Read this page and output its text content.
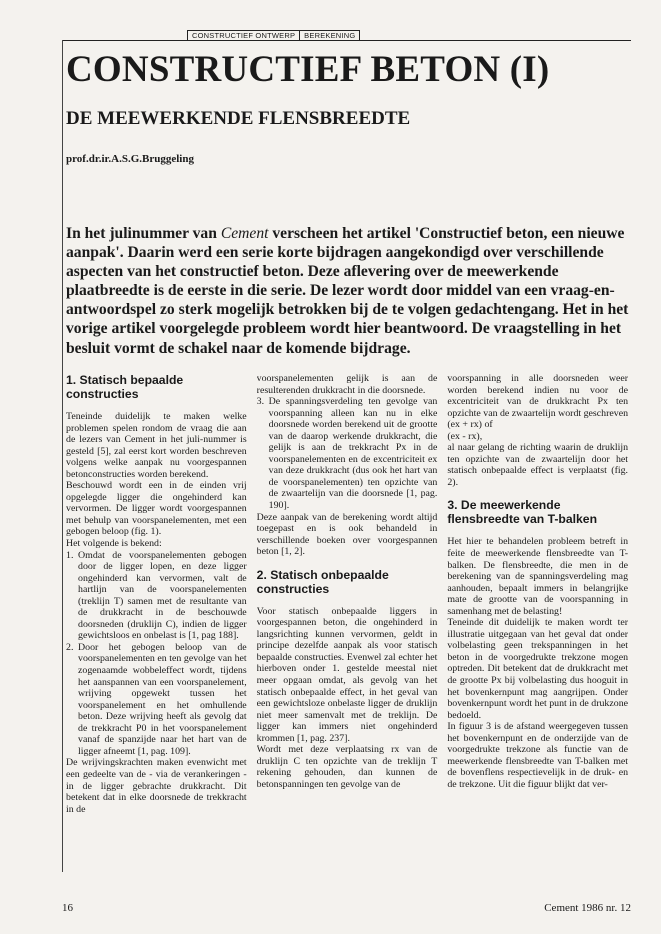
CONSTRUCTIEF ONTWERP	BEREKENING
CONSTRUCTIEF BETON (I)
DE MEEWERKENDE FLENSBREEDTE
prof.dr.ir.A.S.G.Bruggeling

In het julinummer van Cement verscheen het artikel 'Constructief beton, een nieuwe aanpak'. Daarin werd een serie korte bijdragen aangekondigd over verschillende aspecten van het constructief beton. Deze aflevering over de meewerkende plaatbreedte is de eerste in die serie. De lezer wordt door middel van een vraag-en-antwoordspel zo sterk mogelijk betrokken bij de te volgen gedachtengang. Het in het vorige artikel voorgelegde probleem wordt hier beantwoord. De vraagstelling in het besluit vormt de schakel naar de komende bijdrage.

1. Statisch bepaalde constructies

Teneinde duidelijk te maken welke problemen spelen rondom de vraag die aan de lezers van Cement in het juli-nummer is gesteld [5], zal eerst kort worden beschreven volgens welke aanpak nu voorgespannen betonconstructies worden berekend.

Beschouwd wordt een in de einden vrij opgelegde ligger die ongehinderd kan vervormen. De ligger wordt voorgespannen met behulp van voorspanelementen, met een gebogen beloop (fig. 1).

Het volgende is bekend:

1. Omdat de voorspanelementen gebogen door de ligger lopen, en deze ligger ongehinderd kan vervormen, valt de hartlijn van de voorspanelementen (treklijn T) samen met de resultante van de drukkracht in de beschouwde doorsneden (druklijn C), indien de ligger gewichtsloos en onbelast is [1, pag 188].
2. Door het gebogen beloop van de voorspanelementen en ten gevolge van het zogenaamde wobbeleffect wordt, tijdens het aanspannen van een voorspanelement, wrijving opgewekt tussen het voorspanelement en het omhullende beton. Deze wrijving heeft als gevolg dat de trekkracht P0 in het voorspanelement vanaf de spanzijde naar het hart van de ligger afneemt [1, pag. 109].

De wrijvingskrachten maken evenwicht met een gedeelte van de - via de verankeringen - in de ligger gebrachte drukkracht. Dit betekent dat in elke doorsnede de trekkracht in de

voorspanelementen gelijk is aan de resulterenden drukkracht in die doorsnede.

3. De spanningsverdeling ten gevolge van voorspanning alleen kan nu in elke doorsnede worden berekend uit de grootte van de daarop werkende drukkracht, die gelijk is aan de trekkracht Px in de voorspanelementen en de excentriciteit ex van deze drukkracht (dus ook het hart van de voorspanelementen) ten opzichte van de zwaartelijn van die doorsnede [1, pag. 190].

Deze aanpak van de berekening wordt altijd toegepast en is ook behandeld in verschillende boeken over voorgespannen beton [1, 2].

2. Statisch onbepaalde constructies

Voor statisch onbepaalde liggers in voorgespannen beton, die ongehinderd in langsrichting kunnen vervormen, geldt in principe dezelfde aanpak als voor statisch bepaalde constructies. Evenwel zal echter het hierboven onder 1. gestelde meestal niet meer opgaan omdat, als gevolg van het statisch onbepaalde effect, in het geval van een gewichtsloze onbelaste ligger de druklijn niet meer samenvalt met de treklijn. De ligger kan immers niet ongehinderd krommen [1, pag. 237].

Wordt met deze verplaatsing rx van de druklijn C ten opzichte van de treklijn T rekening gehouden, dan kunnen de betonspanningen ten gevolge van de

voorspanning in alle doorsneden weer worden berekend indien nu voor de excentriciteit van de drukkracht Px ten opzichte van de zwaartelijn wordt geschreven

(ex + rx) of

(ex - rx),

al naar gelang de richting waarin de druklijn ten opzichte van de zwaartelijn door het statisch onbepaalde effect is verplaatst (fig. 2).

3. De meewerkende flensbreedte van T-balken

Het hier te behandelen probleem betreft in feite de meewerkende flensbreedte van T-balken. De flensbreedte, die men in de berekening van de spanningsverdeling mag aanhouden, bepaalt immers in belangrijke mate de grootte van de voorspanning in samenhang met de belasting!

Teneinde dit duidelijk te maken wordt ter illustratie uitgegaan van het geval dat onder volbelasting geen trekspanningen in het beton in de voorgedrukte trekzone mogen optreden. Dit betekent dat de drukkracht met de grootte Px bij volbelasting dus hooguit in het bovenkernpunt mag aangrijpen. Onder bovenkernpunt wordt het punt in de drukzone bedoeld.

In figuur 3 is de afstand weergegeven tussen het bovenkernpunt en de onderzijde van de voorgedrukte trekzone als functie van de meewerkende flensbreedte van T-balken met de bovenflens respectievelijk in de druk- en de trekzone. Uit die figuur blijkt dat ver-

16	Cement 1986 nr. 12
